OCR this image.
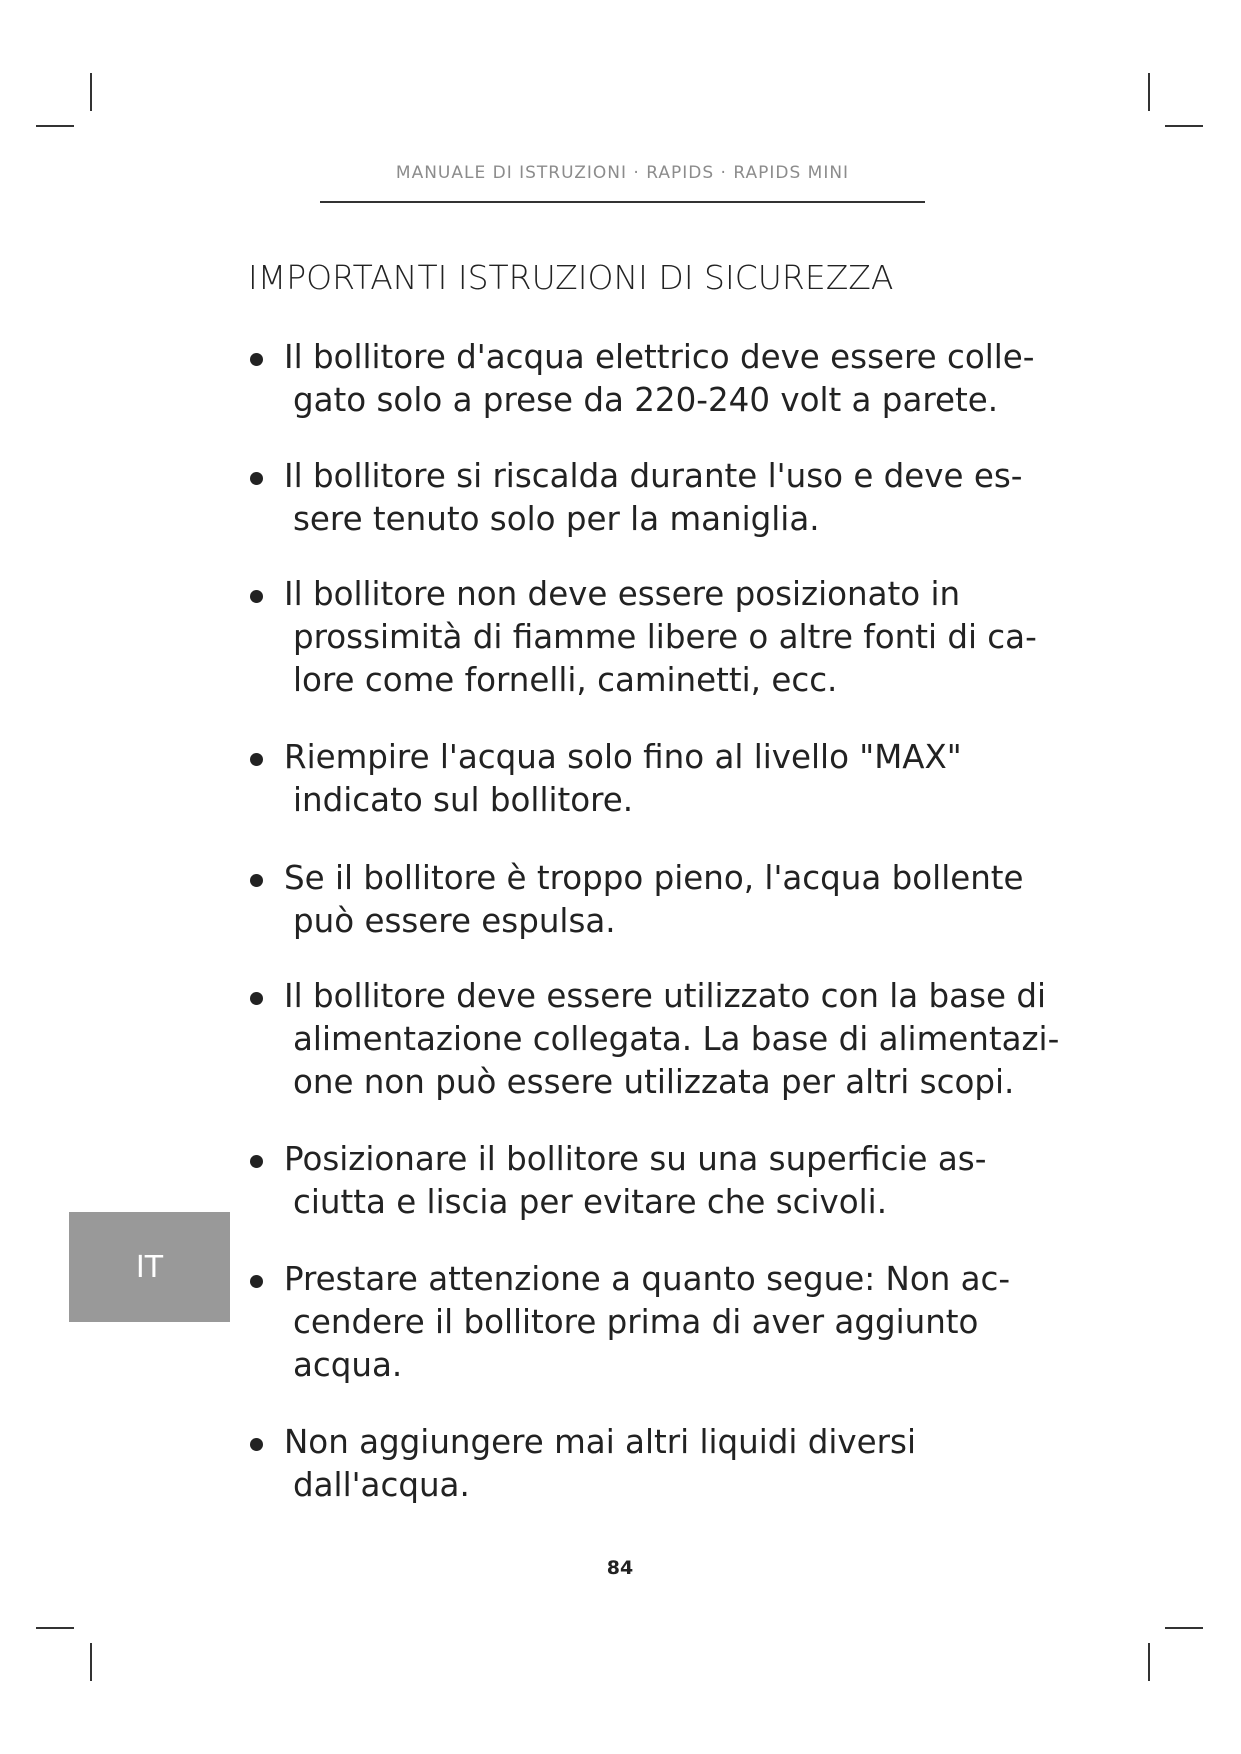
MANUALE DI ISTRUZIONI · RAPIDS · RAPIDS MINI
IMPORTANTI ISTRUZIONI DI SICUREZZA
Il bollitore d'acqua elettrico deve essere colle-
gato solo a prese da 220-240 volt a parete.
Il bollitore si riscalda durante l'uso e deve es-
sere tenuto solo per la maniglia.
Il bollitore non deve essere posizionato in
prossimità di fiamme libere o altre fonti di ca-
lore come fornelli, caminetti, ecc.
Riempire l'acqua solo fino al livello "MAX"
indicato sul bollitore.
Se il bollitore è troppo pieno, l'acqua bollente
può essere espulsa.
Il bollitore deve essere utilizzato con la base di
alimentazione collegata. La base di alimentazi-
one non può essere utilizzata per altri scopi.
Posizionare il bollitore su una superficie as-
ciutta e liscia per evitare che scivoli.
Prestare attenzione a quanto segue: Non ac-
cendere il bollitore prima di aver aggiunto
acqua.
Non aggiungere mai altri liquidi diversi
dall'acqua.
IT
84
